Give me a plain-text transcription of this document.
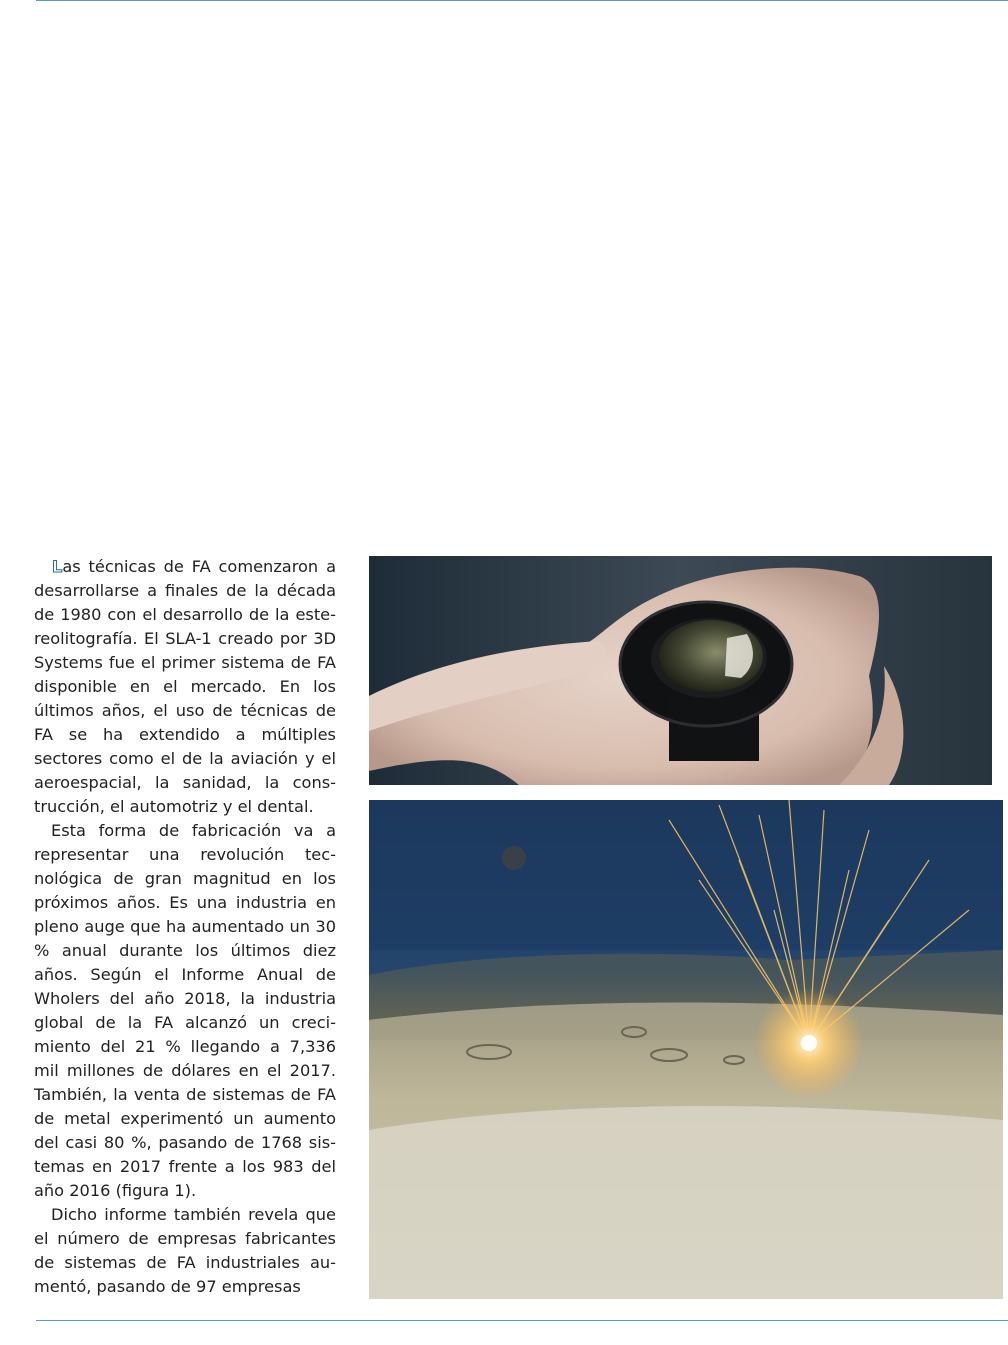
Las técnicas de FA comenzaron a desarrollarse a finales de la década de 1980 con el desarrollo de la estereolitografía. El SLA-1 creado por 3D Systems fue el primer sistema de FA disponible en el mercado. En los últimos años, el uso de técnicas de FA se ha extendido a múltiples sectores como el de la aviación y el aeroespacial, la sanidad, la construcción, el automotriz y el dental.

Esta forma de fabricación va a representar una revolución tecnológica de gran magnitud en los próximos años. Es una industria en pleno auge que ha aumentado un 30 % anual durante los últimos diez años. Según el Informe Anual de Wholers del año 2018, la industria global de la FA alcanzó un crecimiento del 21 % llegando a 7,336 mil millones de dólares en el 2017. También, la venta de sistemas de FA de metal experimentó un aumento del casi 80 %, pasando de 1768 sistemas en 2017 frente a los 983 del año 2016 (figura 1).

Dicho informe también revela que el número de empresas fabricantes de sistemas de FA industriales aumentó, pasando de 97 empresas
